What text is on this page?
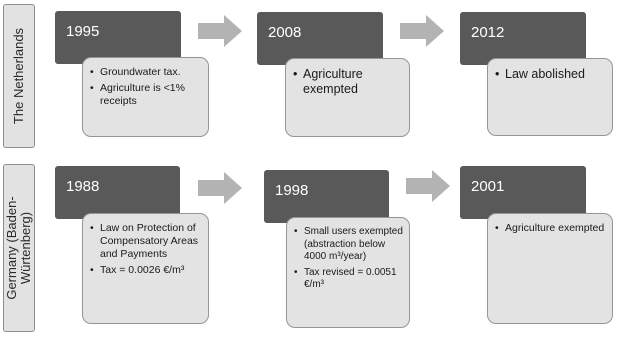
The Netherlands	1995
• Groundwater tax.
• Agriculture is <1% receipts
2008
• Agriculture exempted
2012
• Law abolished
Germany (Baden-
Würtenberg)
1988
• Law on Protection of Compensatory Areas and Payments
• Tax = 0.0026 €/m³
1998
• Small users exempted (abstraction below 4000 m³/year)
• Tax revised = 0.0051 €/m³
2001
• Agriculture exempted
